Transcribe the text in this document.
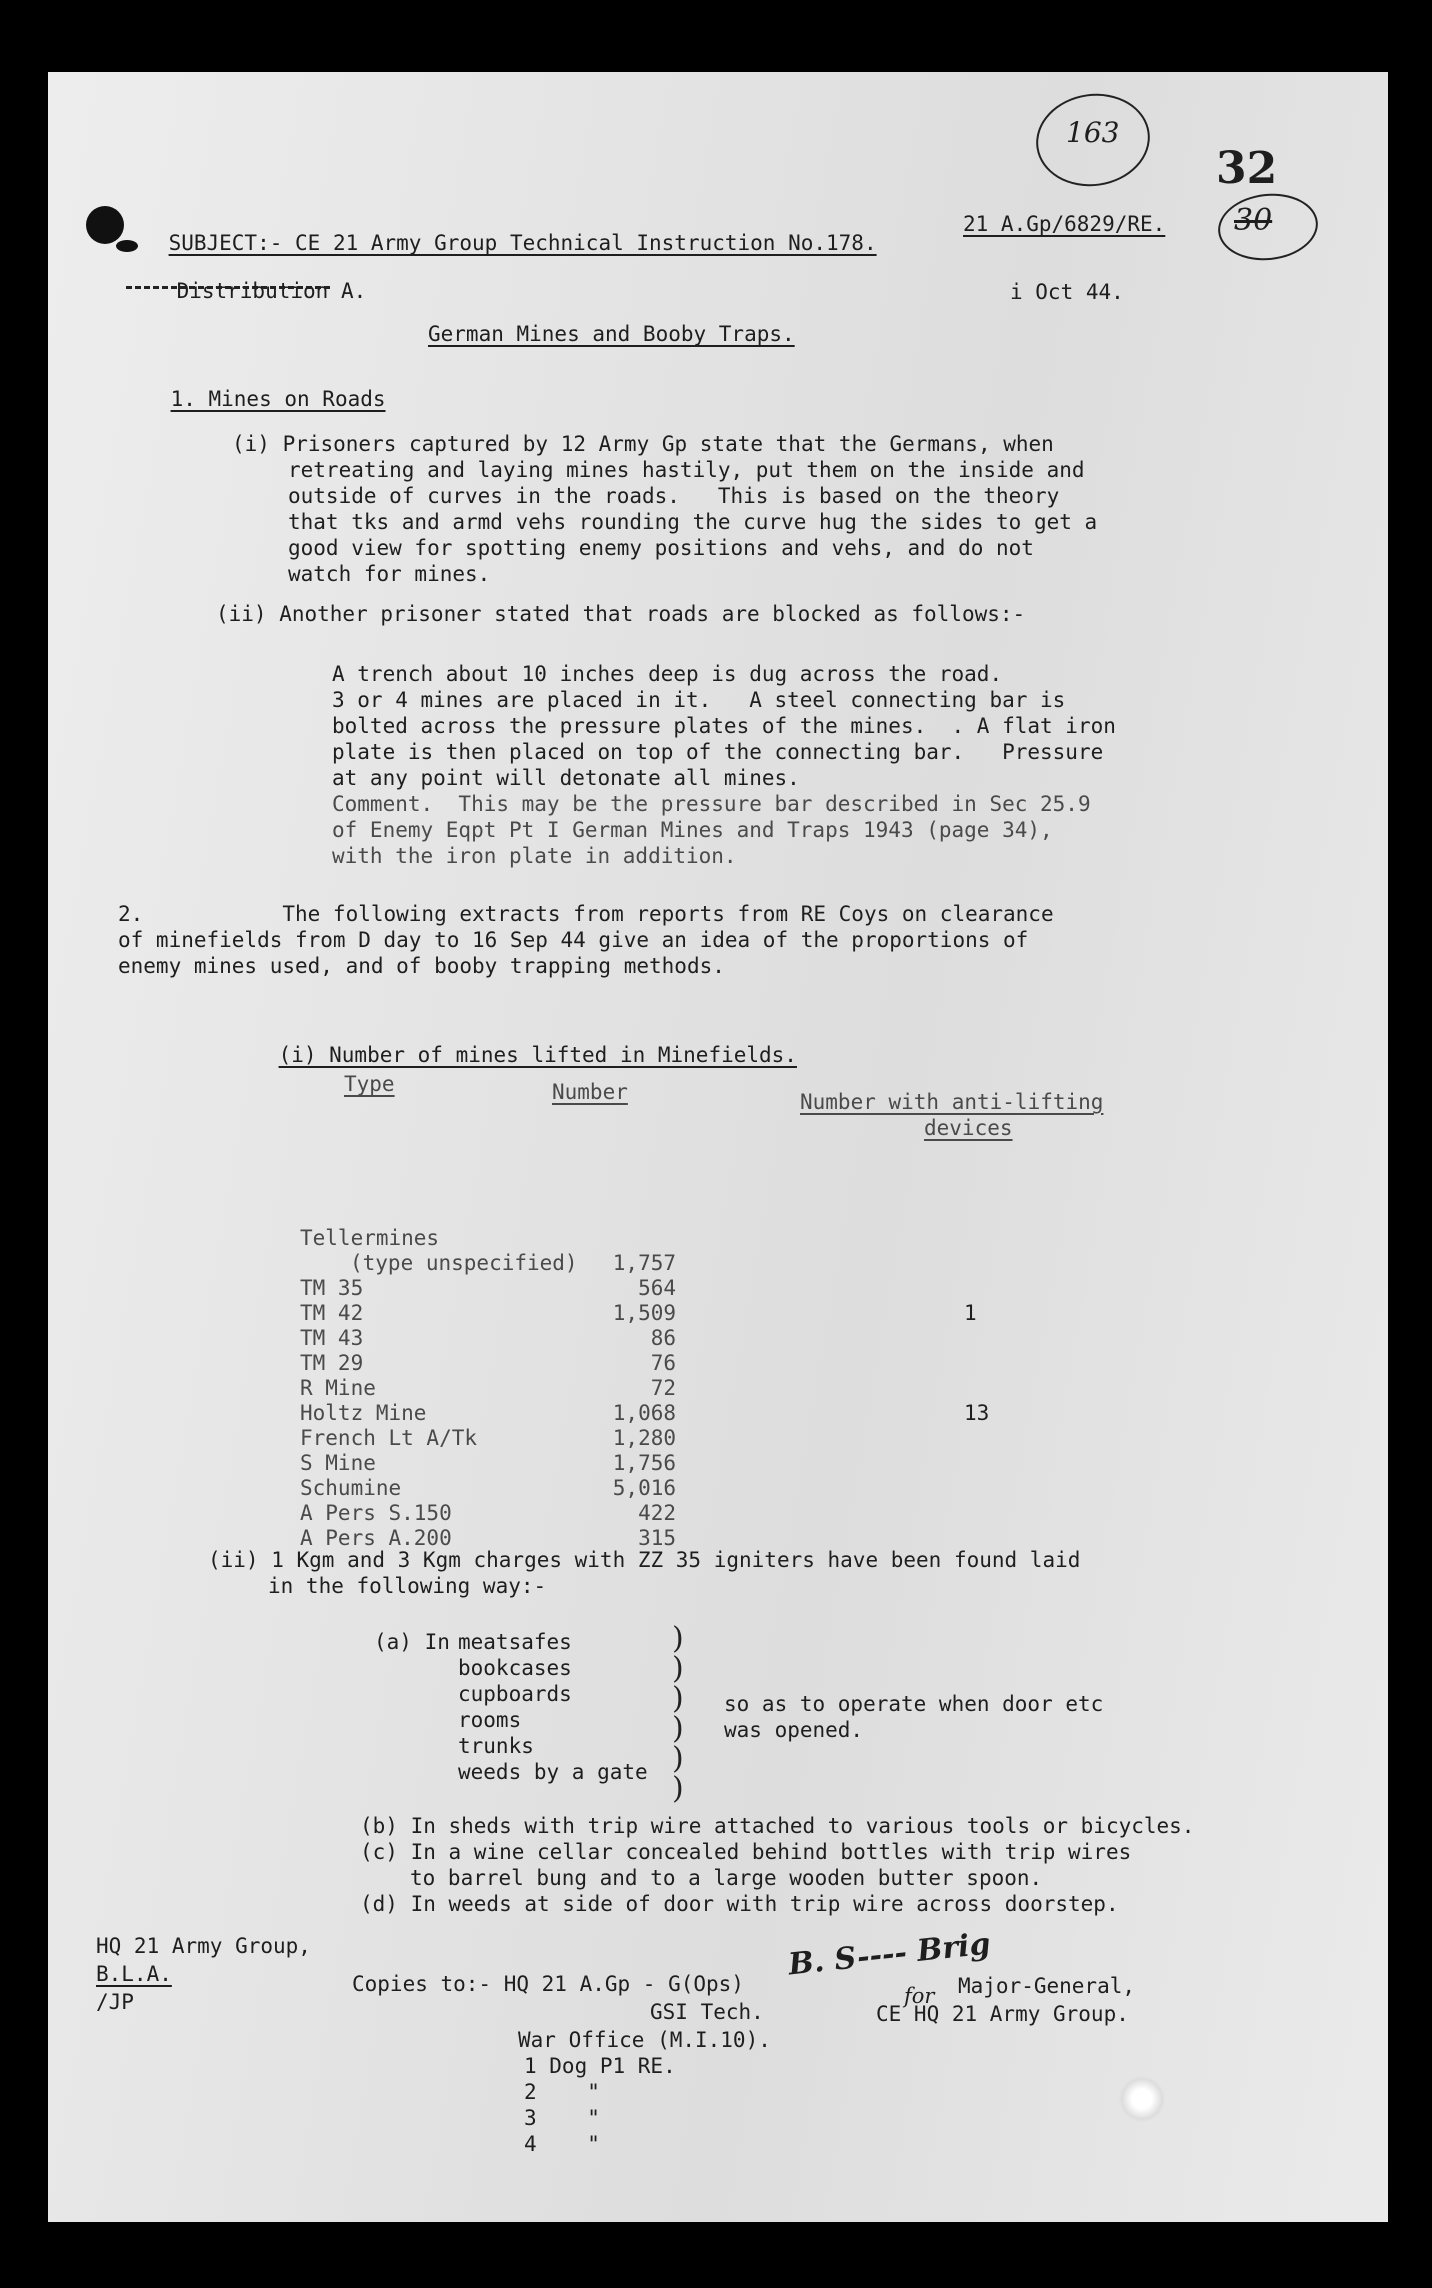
163
32
30

SUBJECT:- CE 21 Army Group Technical Instruction No.178.

21 A.Gp/6829/RE.

Distribution A.
	i Oct 44.
German Mines and Booby Traps.

1. Mines on Roads

(i) Prisoners captured by 12 Army Gp state that the Germans, when
retreating and laying mines hastily, put them on the inside and
outside of curves in the roads.   This is based on the theory
that tks and armd vehs rounding the curve hug the sides to get a
good view for spotting enemy positions and vehs, and do not
watch for mines.
(ii) Another prisoner stated that roads are blocked as follows:-
A trench about 10 inches deep is dug across the road.
3 or 4 mines are placed in it.   A steel connecting bar is
bolted across the pressure plates of the mines.  . A flat iron
plate is then placed on top of the connecting bar.   Pressure
at any point will detonate all mines.
Comment.  This may be the pressure bar described in Sec 25.9
of Enemy Eqpt Pt I German Mines and Traps 1943 (page 34),
with the iron plate in addition.
2.           The following extracts from reports from RE Coys on clearance
of minefields from D day to 16 Sep 44 give an idea of the proportions of
enemy mines used, and of booby trapping methods.

(i) Number of mines lifted in Minefields.

Type	Number	Number with anti-lifting
devices
Tellermines
(type unspecified)	1,757
TM 35	564
TM 42	1,509	1
TM 43	86
TM 29	76
R Mine	72
Holtz Mine	1,068	13
French Lt A/Tk	1,280
S Mine	1,756
Schumine	5,016
A Pers S.150	422
A Pers A.200	315
(ii) 1 Kgm and 3 Kgm charges with ZZ 35 igniters have been found laid
in the following way:-
(a) In meatsafes
bookcases
cupboards
rooms
trunks
weeds by a gate
)
)
)
)
)
)
so as to operate when door etc
was opened.
(b) In sheds with trip wire attached to various tools or bicycles.
(c) In a wine cellar concealed behind bottles with trip wires
to barrel bung and to a large wooden butter spoon.
(d) In weeds at side of door with trip wire across doorstep.
HQ 21 Army Group,
B.L.A.
/JP
Copies to:- HQ 21 A.Gp - G(Ops)
GSI Tech.
War Office (M.I.10).
1 Dog P1 RE.
2    "
3    "
4    "
B. S---- Brig
for Major-General,
CE HQ 21 Army Group.
